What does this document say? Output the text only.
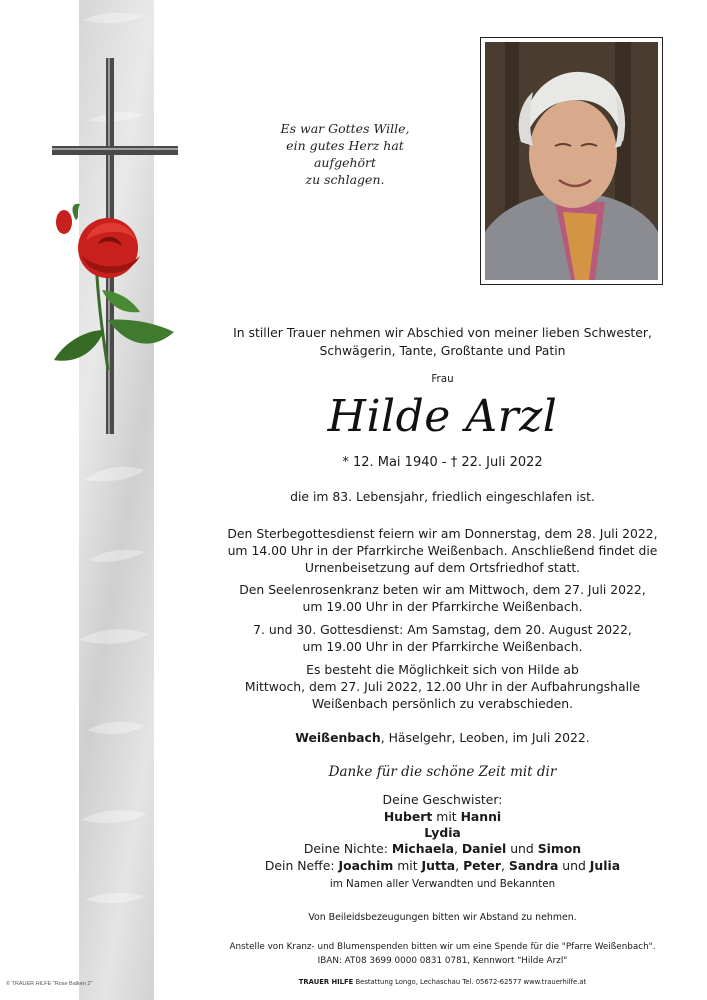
© TRAUER HILFE "Rose Balken 2"
Es war Gottes Wille,
ein gutes Herz hat
aufgehört
zu schlagen.
In stiller Trauer nehmen wir Abschied von meiner lieben Schwester,
Schwägerin, Tante, Großtante und Patin
Frau
Hilde Arzl
* 12. Mai 1940 - † 22. Juli 2022
die im 83. Lebensjahr, friedlich eingeschlafen ist.
Den Sterbegottesdienst feiern wir am Donnerstag, dem 28. Juli 2022,
um 14.00 Uhr in der Pfarrkirche Weißenbach. Anschließend findet die
Urnenbeisetzung auf dem Ortsfriedhof statt.
Den Seelenrosenkranz beten wir am Mittwoch, dem 27. Juli 2022,
um 19.00 Uhr in der Pfarrkirche Weißenbach.
7. und 30. Gottesdienst: Am Samstag, dem 20. August 2022,
um 19.00 Uhr in der Pfarrkirche Weißenbach.
Es besteht die Möglichkeit sich von Hilde ab
Mittwoch, dem 27. Juli 2022, 12.00 Uhr in der Aufbahrungshalle
Weißenbach persönlich zu verabschieden.
Weißenbach, Häselgehr, Leoben, im Juli 2022.
Danke für die schöne Zeit mit dir
Deine Geschwister:
Hubert mit Hanni
Lydia
Deine Nichte: Michaela, Daniel und Simon
Dein Neffe: Joachim mit Jutta, Peter, Sandra und Julia
im Namen aller Verwandten und Bekannten
Von Beileidsbezeugungen bitten wir Abstand zu nehmen.
Anstelle von Kranz- und Blumenspenden bitten wir um eine Spende für die "Pfarre Weißenbach".
IBAN: AT08 3699 0000 0831 0781, Kennwort "Hilde Arzl"
TRAUER HILFE Bestattung Longo, Lechaschau Tel. 05672-62577 www.trauerhilfe.at
